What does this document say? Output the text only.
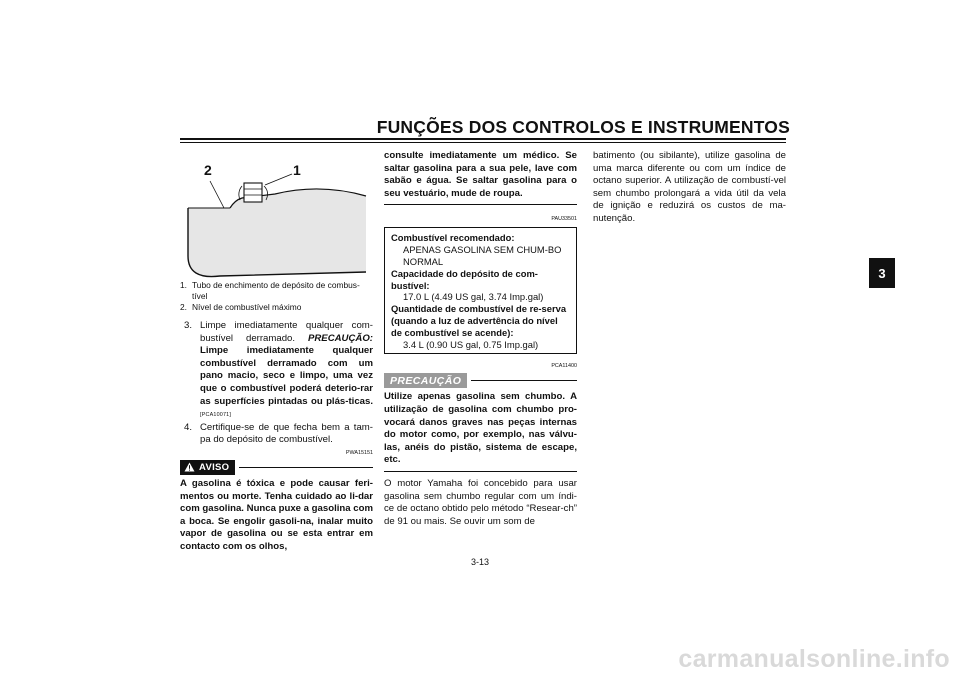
FUNÇÕES DOS CONTROLOS E INSTRUMENTOS
3
2	1
1. Tubo de enchimento de depósito de combus-tível
2. Nível de combustível máximo
3. Limpe imediatamente qualquer com-bustível derramado. PRECAUÇÃO: Limpe imediatamente qualquer combustível derramado com um pano macio, seco e limpo, uma vez que o combustível poderá deterio-rar as superfícies pintadas ou plás-ticas. [PCA10071]

4. Certifique-se de que fecha bem a tam-pa do depósito de combustível.

PWA15151
AVISO

A gasolina é tóxica e pode causar feri-mentos ou morte. Tenha cuidado ao li-dar com gasolina. Nunca puxe a gasolina com a boca. Se engolir gasoli-na, inalar muito vapor de gasolina ou se esta entrar em contacto com os olhos,

consulte imediatamente um médico. Se saltar gasolina para a sua pele, lave com sabão e água. Se saltar gasolina para o seu vestuário, mude de roupa.

PAU33501
Combustível recomendado:
APENAS GASOLINA SEM CHUM-BO NORMAL
Capacidade do depósito de com-bustível:
17.0 L (4.49 US gal, 3.74 Imp.gal)
Quantidade de combustível de re-serva (quando a luz de advertência do nível de combustível se acende):
3.4 L (0.90 US gal, 0.75 Imp.gal)
PCA11400
PRECAUÇÃO

Utilize apenas gasolina sem chumbo. A utilização de gasolina com chumbo pro-vocará danos graves nas peças internas do motor como, por exemplo, nas válvu-las, anéis do pistão, sistema de escape, etc.

O motor Yamaha foi concebido para usar gasolina sem chumbo regular com um índi-ce de octano obtido pelo método “Resear-ch” de 91 ou mais. Se ouvir um som de

batimento (ou sibilante), utilize gasolina de uma marca diferente ou com um índice de octano superior. A utilização de combustí-vel sem chumbo prolongará a vida útil da vela de ignição e reduzirá os custos de ma-nutenção.

3-13
carmanualsonline.info
